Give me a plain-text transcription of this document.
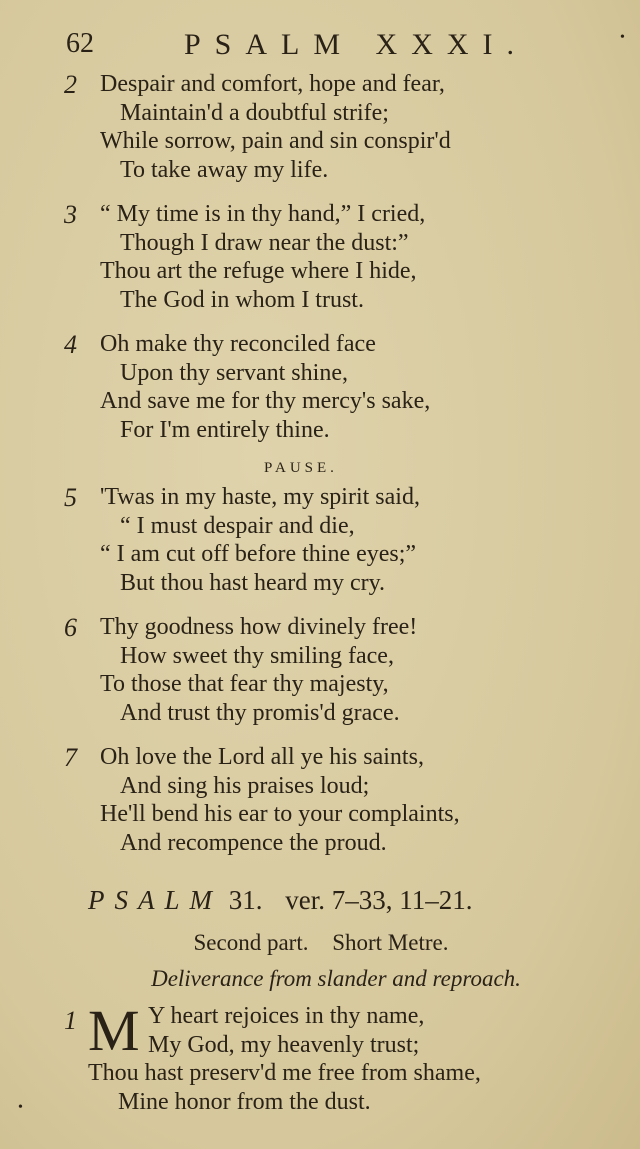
62	PSALM XXXI.
2 Despair and comfort, hope and fear,
Maintain'd a doubtful strife;
While sorrow, pain and sin conspir'd
To take away my life.
3 “ My time is in thy hand,” I cried,
Though I draw near the dust:”
Thou art the refuge where I hide,
The God in whom I trust.
4 Oh make thy reconciled face
Upon thy servant shine,
And save me for thy mercy's sake,
For I'm entirely thine.
PAUSE.
5 'Twas in my haste, my spirit said,
“ I must despair and die,
“ I am cut off before thine eyes;”
But thou hast heard my cry.
6 Thy goodness how divinely free!
How sweet thy smiling face,
To those that fear thy majesty,
And trust thy promis'd grace.
7 Oh love the Lord all ye his saints,
And sing his praises loud;
He'll bend his ear to your complaints,
And recompence the proud.
PSALM 31. ver. 7–33, 11–21.
Second part. Short Metre.
Deliverance from slander and reproach.
1 M Y heart rejoices in thy name,
My God, my heavenly trust;
Thou hast preserv'd me free from shame,
Mine honor from the dust.
•
•
